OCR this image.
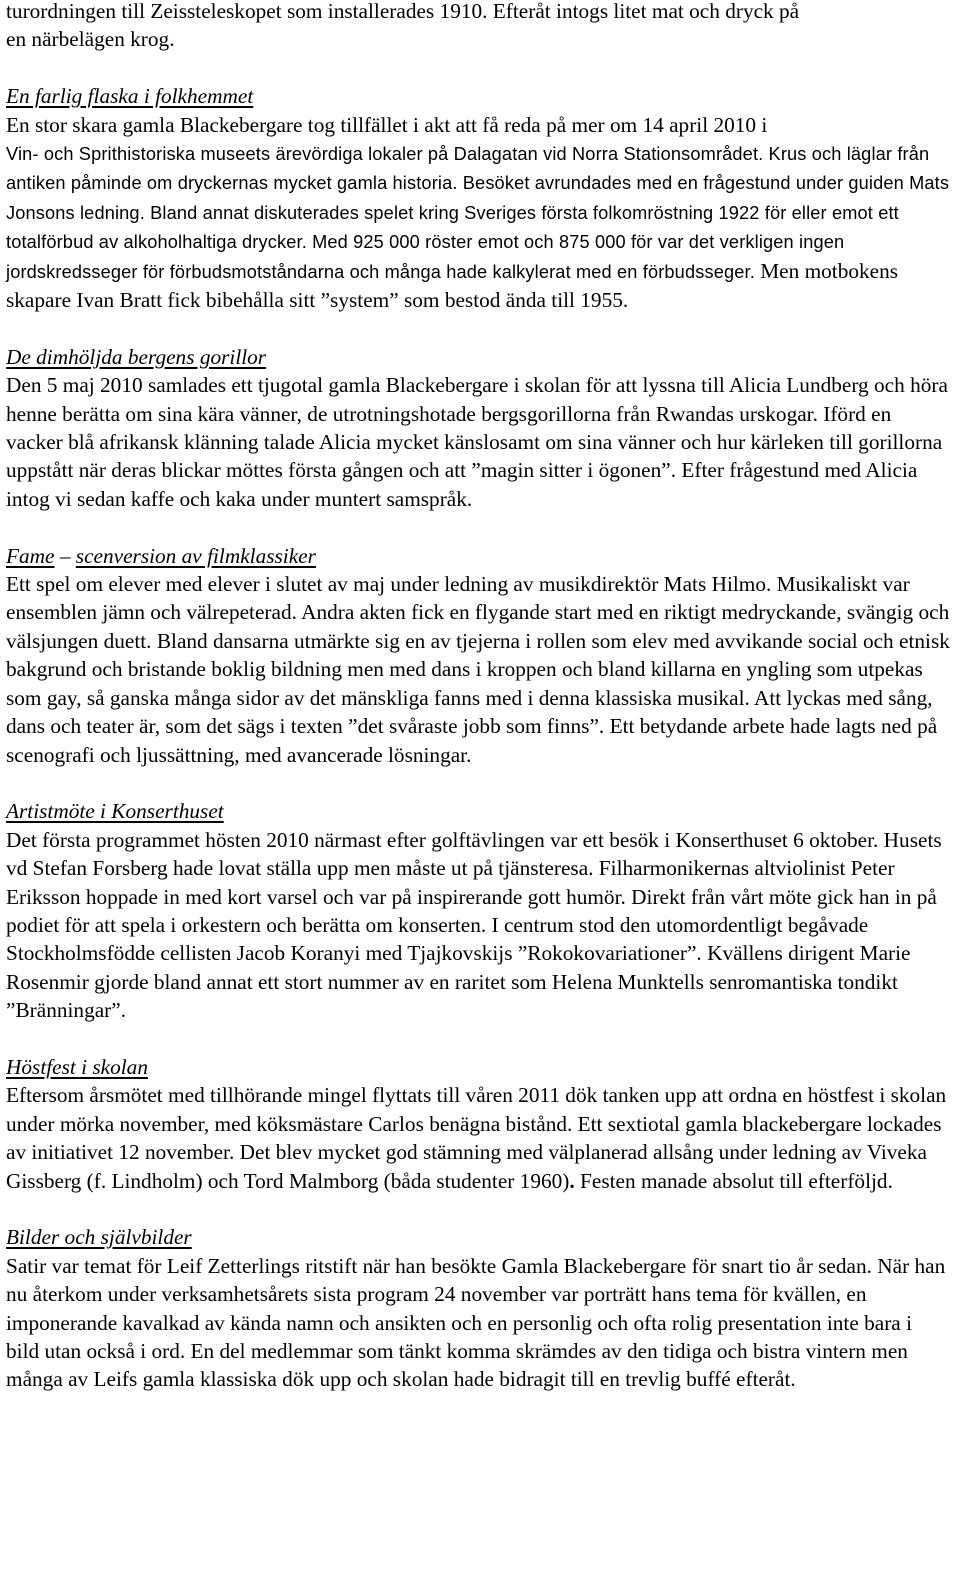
turordningen till Zeissteleskopet som installerades 1910. Efteråt intogs litet mat och dryck på
en närbelägen krog.

En farlig flaska i folkhemmet

En stor skara gamla Blackebergare tog tillfället i akt att få reda på mer om 14 april 2010 i
Vin- och Sprithistoriska museets ärevördiga lokaler på Dalagatan vid Norra Stationsområdet. Krus och läglar från antiken påminde om dryckernas mycket gamla historia. Besöket avrundades med en frågestund under guiden Mats Jonsons ledning. Bland annat diskuterades spelet kring Sveriges första folkomröstning 1922 för eller emot ett totalförbud av alkoholhaltiga drycker. Med 925 000 röster emot och 875 000 för var det verkligen ingen jordskredsseger för förbudsmotståndarna och många hade kalkylerat med en förbudsseger. Men motbokens skapare Ivan Bratt fick bibehålla sitt ”system” som bestod ända till 1955.

De dimhöljda bergens gorillor

Den 5 maj 2010 samlades ett tjugotal gamla Blackebergare i skolan för att lyssna till Alicia Lundberg och höra henne berätta om sina kära vänner, de utrotningshotade bergsgorillorna från Rwandas urskogar. Iförd en vacker blå afrikansk klänning talade Alicia mycket känslosamt om sina vänner och hur kärleken till gorillorna uppstått när deras blickar möttes första gången och att ”magin sitter i ögonen”. Efter frågestund med Alicia intog vi sedan kaffe och kaka under muntert samspråk.

Fame – scenversion av filmklassiker

Ett spel om elever med elever i slutet av maj under ledning av musikdirektör Mats Hilmo. Musikaliskt var ensemblen jämn och välrepeterad. Andra akten fick en flygande start med en riktigt medryckande, svängig och välsjungen duett. Bland dansarna utmärkte sig en av tjejerna i rollen som elev med avvikande social och etnisk bakgrund och bristande boklig bildning men med dans i kroppen och bland killarna en yngling som utpekas som gay, så ganska många sidor av det mänskliga fanns med i denna klassiska musikal. Att lyckas med sång, dans och teater är, som det sägs i texten ”det svåraste jobb som finns”. Ett betydande arbete hade lagts ned på scenografi och ljussättning, med avancerade lösningar.

Artistmöte i Konserthuset

Det första programmet hösten 2010 närmast efter golftävlingen var ett besök i Konserthuset 6 oktober. Husets vd Stefan Forsberg hade lovat ställa upp men måste ut på tjänsteresa. Filharmonikernas altviolinist Peter Eriksson hoppade in med kort varsel och var på inspirerande gott humör. Direkt från vårt möte gick han in på podiet för att spela i orkestern och berätta om konserten. I centrum stod den utomordentligt begåvade Stockholmsfödde cellisten Jacob Koranyi med Tjajkovskijs ”Rokokovariationer”. Kvällens dirigent Marie Rosenmir gjorde bland annat ett stort nummer av en raritet som Helena Munktells senromantiska tondikt ”Bränningar”.

Höstfest i skolan

Eftersom årsmötet med tillhörande mingel flyttats till våren 2011 dök tanken upp att ordna en höstfest i skolan under mörka november, med köksmästare Carlos benägna bistånd. Ett sextiotal gamla blackebergare lockades av initiativet 12 november. Det blev mycket god stämning med välplanerad allsång under ledning av Viveka Gissberg (f. Lindholm) och Tord Malmborg (båda studenter 1960). Festen manade absolut till efterföljd.

Bilder och självbilder

Satir var temat för Leif Zetterlings ritstift när han besökte Gamla Blackebergare för snart tio år sedan. När han nu återkom under verksamhetsårets sista program 24 november var porträtt hans tema för kvällen, en imponerande kavalkad av kända namn och ansikten och en personlig och ofta rolig presentation inte bara i bild utan också i ord. En del medlemmar som tänkt komma skrämdes av den tidiga och bistra vintern men många av Leifs gamla klassiska dök upp och skolan hade bidragit till en trevlig buffé efteråt.
